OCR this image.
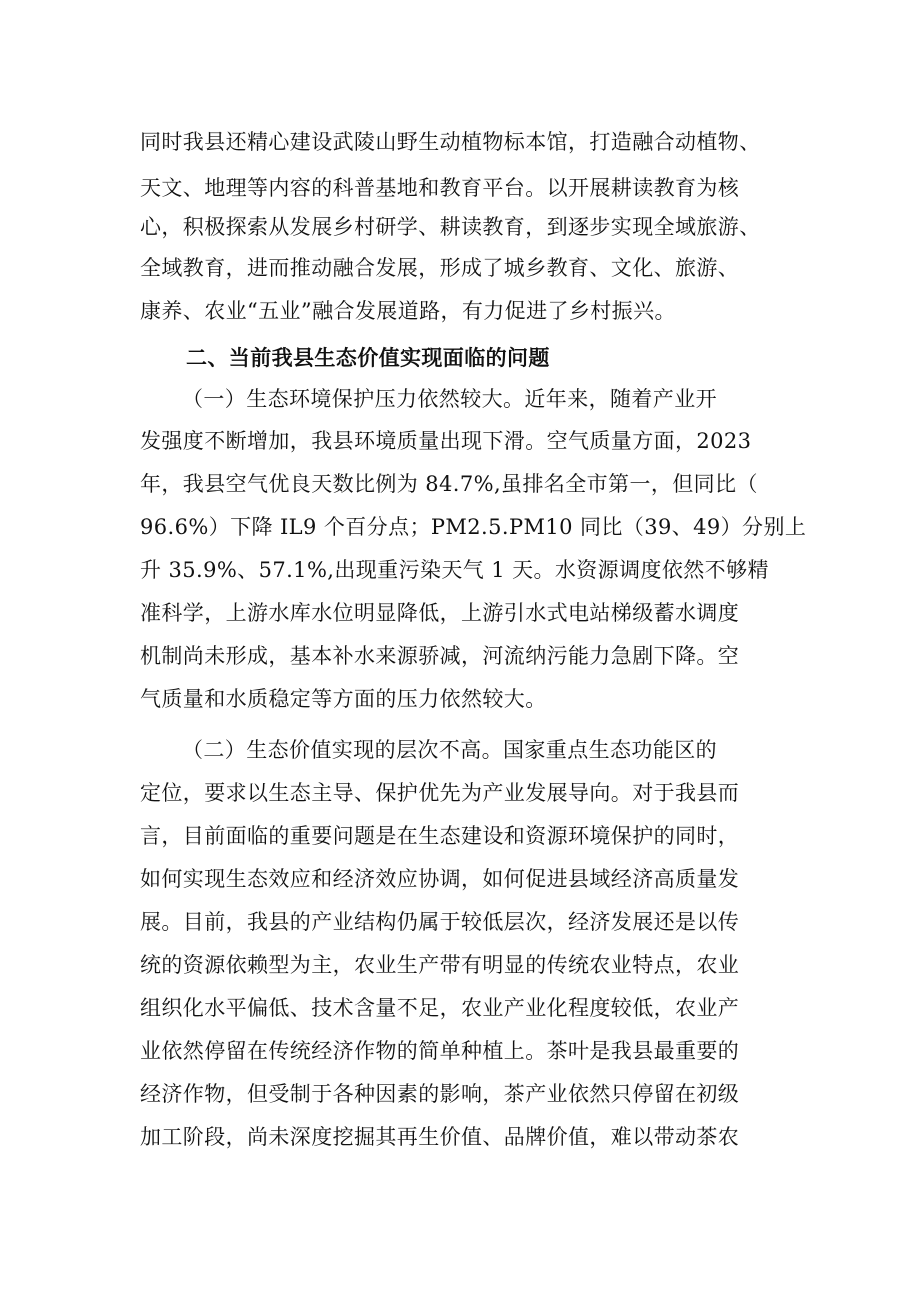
同时我县还精心建设武陵山野生动植物标本馆，打造融合动植物、
天文、地理等内容的科普基地和教育平台。以开展耕读教育为核
心，积极探索从发展乡村研学、耕读教育，到逐步实现全域旅游、
全域教育，进而推动融合发展，形成了城乡教育、文化、旅游、
康养、农业“五业”融合发展道路，有力促进了乡村振兴。
二、当前我县生态价值实现面临的问题
（一）生态环境保护压力依然较大。近年来，随着产业开
发强度不断增加，我县环境质量出现下滑。空气质量方面，2023
年，我县空气优良天数比例为 84.7%,虽排名全市第一，但同比（
96.6%）下降 IL9 个百分点；PM2.5.PM10 同比（39、49）分别上
升 35.9%、57.1%,出现重污染天气 1 天。水资源调度依然不够精
准科学，上游水库水位明显降低，上游引水式电站梯级蓄水调度
机制尚未形成，基本补水来源骄减，河流纳污能力急剧下降。空
气质量和水质稳定等方面的压力依然较大。
（二）生态价值实现的层次不高。国家重点生态功能区的
定位，要求以生态主导、保护优先为产业发展导向。对于我县而
言，目前面临的重要问题是在生态建设和资源环境保护的同时，
如何实现生态效应和经济效应协调，如何促进县域经济高质量发
展。目前，我县的产业结构仍属于较低层次，经济发展还是以传
统的资源依赖型为主，农业生产带有明显的传统农业特点，农业
组织化水平偏低、技术含量不足，农业产业化程度较低，农业产
业依然停留在传统经济作物的简单种植上。茶叶是我县最重要的
经济作物，但受制于各种因素的影响，茶产业依然只停留在初级
加工阶段，尚未深度挖掘其再生价值、品牌价值，难以带动茶农
